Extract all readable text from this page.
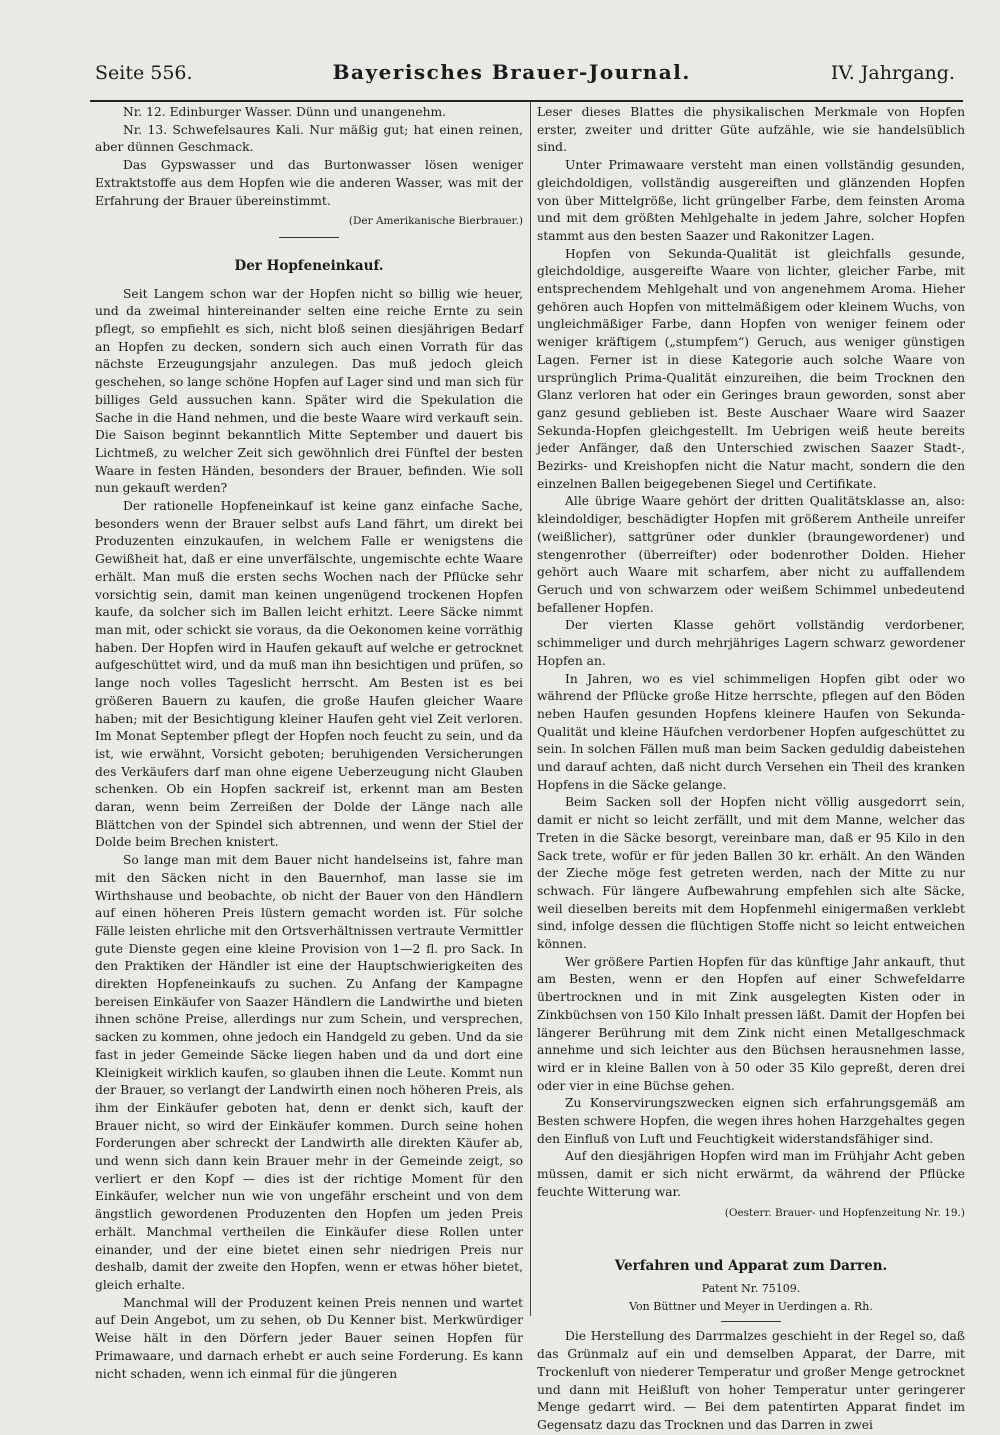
Seite 556.	Bayerisches Brauer-Journal.	IV. Jahrgang.

Nr. 12. Edinburger Wasser. Dünn und unangenehm.

Nr. 13. Schwefelsaures Kali. Nur mäßig gut; hat einen reinen, aber dünnen Geschmack.

Das Gypswasser und das Burtonwasser lösen weniger Extraktstoffe aus dem Hopfen wie die anderen Wasser, was mit der Erfahrung der Brauer übereinstimmt.

(Der Amerikanische Bierbrauer.)

Der Hopfeneinkauf.

Seit Langem schon war der Hopfen nicht so billig wie heuer, und da zweimal hintereinander selten eine reiche Ernte zu sein pflegt, so empfiehlt es sich, nicht bloß seinen diesjährigen Bedarf an Hopfen zu decken, sondern sich auch einen Vorrath für das nächste Erzeugungsjahr anzulegen. Das muß jedoch gleich geschehen, so lange schöne Hopfen auf Lager sind und man sich für billiges Geld aussuchen kann. Später wird die Spekulation die Sache in die Hand nehmen, und die beste Waare wird verkauft sein. Die Saison beginnt bekanntlich Mitte September und dauert bis Lichtmeß, zu welcher Zeit sich gewöhnlich drei Fünftel der besten Waare in festen Händen, besonders der Brauer, befinden. Wie soll nun gekauft werden?

Der rationelle Hopfeneinkauf ist keine ganz einfache Sache, besonders wenn der Brauer selbst aufs Land fährt, um direkt bei Produzenten einzukaufen, in welchem Falle er wenigstens die Gewißheit hat, daß er eine unverfälschte, ungemischte echte Waare erhält. Man muß die ersten sechs Wochen nach der Pflücke sehr vorsichtig sein, damit man keinen ungenügend trockenen Hopfen kaufe, da solcher sich im Ballen leicht erhitzt. Leere Säcke nimmt man mit, oder schickt sie voraus, da die Oekonomen keine vorräthig haben. Der Hopfen wird in Haufen gekauft auf welche er getrocknet aufgeschüttet wird, und da muß man ihn besichtigen und prüfen, so lange noch volles Tageslicht herrscht. Am Besten ist es bei größeren Bauern zu kaufen, die große Haufen gleicher Waare haben; mit der Besichtigung kleiner Haufen geht viel Zeit verloren. Im Monat September pflegt der Hopfen noch feucht zu sein, und da ist, wie erwähnt, Vorsicht geboten; beruhigenden Versicherungen des Verkäufers darf man ohne eigene Ueberzeugung nicht Glauben schenken. Ob ein Hopfen sackreif ist, erkennt man am Besten daran, wenn beim Zerreißen der Dolde der Länge nach alle Blättchen von der Spindel sich abtrennen, und wenn der Stiel der Dolde beim Brechen knistert.

So lange man mit dem Bauer nicht handelseins ist, fahre man mit den Säcken nicht in den Bauernhof, man lasse sie im Wirthshause und beobachte, ob nicht der Bauer von den Händlern auf einen höheren Preis lüstern gemacht worden ist. Für solche Fälle leisten ehrliche mit den Ortsverhältnissen vertraute Vermittler gute Dienste gegen eine kleine Provision von 1—2 fl. pro Sack. In den Praktiken der Händler ist eine der Hauptschwierigkeiten des direkten Hopfeneinkaufs zu suchen. Zu Anfang der Kampagne bereisen Einkäufer von Saazer Händlern die Landwirthe und bieten ihnen schöne Preise, allerdings nur zum Schein, und versprechen, sacken zu kommen, ohne jedoch ein Handgeld zu geben. Und da sie fast in jeder Gemeinde Säcke liegen haben und da und dort eine Kleinigkeit wirklich kaufen, so glauben ihnen die Leute. Kommt nun der Brauer, so verlangt der Landwirth einen noch höheren Preis, als ihm der Einkäufer geboten hat, denn er denkt sich, kauft der Brauer nicht, so wird der Einkäufer kommen. Durch seine hohen Forderungen aber schreckt der Landwirth alle direkten Käufer ab, und wenn sich dann kein Brauer mehr in der Gemeinde zeigt, so verliert er den Kopf — dies ist der richtige Moment für den Einkäufer, welcher nun wie von ungefähr erscheint und von dem ängstlich gewordenen Produzenten den Hopfen um jeden Preis erhält. Manchmal vertheilen die Einkäufer diese Rollen unter einander, und der eine bietet einen sehr niedrigen Preis nur deshalb, damit der zweite den Hopfen, wenn er etwas höher bietet, gleich erhalte.

Manchmal will der Produzent keinen Preis nennen und wartet auf Dein Angebot, um zu sehen, ob Du Kenner bist. Merkwürdiger Weise hält in den Dörfern jeder Bauer seinen Hopfen für Primawaare, und darnach erhebt er auch seine Forderung. Es kann nicht schaden, wenn ich einmal für die jüngeren

Leser dieses Blattes die physikalischen Merkmale von Hopfen erster, zweiter und dritter Güte aufzähle, wie sie handelsüblich sind.

Unter Primawaare versteht man einen vollständig gesunden, gleichdoldigen, vollständig ausgereiften und glänzenden Hopfen von über Mittelgröße, licht grüngelber Farbe, dem feinsten Aroma und mit dem größten Mehlgehalte in jedem Jahre, solcher Hopfen stammt aus den besten Saazer und Rakonitzer Lagen.

Hopfen von Sekunda-Qualität ist gleichfalls gesunde, gleichdoldige, ausgereifte Waare von lichter, gleicher Farbe, mit entsprechendem Mehlgehalt und von angenehmem Aroma. Hieher gehören auch Hopfen von mittelmäßigem oder kleinem Wuchs, von ungleichmäßiger Farbe, dann Hopfen von weniger feinem oder weniger kräftigem („stumpfem“) Geruch, aus weniger günstigen Lagen. Ferner ist in diese Kategorie auch solche Waare von ursprünglich Prima-Qualität einzureihen, die beim Trocknen den Glanz verloren hat oder ein Geringes braun geworden, sonst aber ganz gesund geblieben ist. Beste Auschaer Waare wird Saazer Sekunda-Hopfen gleichgestellt. Im Uebrigen weiß heute bereits jeder Anfänger, daß den Unterschied zwischen Saazer Stadt-, Bezirks- und Kreishopfen nicht die Natur macht, sondern die den einzelnen Ballen beigegebenen Siegel und Certifikate.

Alle übrige Waare gehört der dritten Qualitätsklasse an, also: kleindoldiger, beschädigter Hopfen mit größerem Antheile unreifer (weißlicher), sattgrüner oder dunkler (braungewordener) und stengenrother (überreifter) oder bodenrother Dolden. Hieher gehört auch Waare mit scharfem, aber nicht zu auffallendem Geruch und von schwarzem oder weißem Schimmel unbedeutend befallener Hopfen.

Der vierten Klasse gehört vollständig verdorbener, schimmeliger und durch mehrjähriges Lagern schwarz gewordener Hopfen an.

In Jahren, wo es viel schimmeligen Hopfen gibt oder wo während der Pflücke große Hitze herrschte, pflegen auf den Böden neben Haufen gesunden Hopfens kleinere Haufen von Sekunda-Qualität und kleine Häufchen verdorbener Hopfen aufgeschüttet zu sein. In solchen Fällen muß man beim Sacken geduldig dabeistehen und darauf achten, daß nicht durch Versehen ein Theil des kranken Hopfens in die Säcke gelange.

Beim Sacken soll der Hopfen nicht völlig ausgedorrt sein, damit er nicht so leicht zerfällt, und mit dem Manne, welcher das Treten in die Säcke besorgt, vereinbare man, daß er 95 Kilo in den Sack trete, wofür er für jeden Ballen 30 kr. erhält. An den Wänden der Zieche möge fest getreten werden, nach der Mitte zu nur schwach. Für längere Aufbewahrung empfehlen sich alte Säcke, weil dieselben bereits mit dem Hopfenmehl einigermaßen verklebt sind, infolge dessen die flüchtigen Stoffe nicht so leicht entweichen können.

Wer größere Partien Hopfen für das künftige Jahr ankauft, thut am Besten, wenn er den Hopfen auf einer Schwefeldarre übertrocknen und in mit Zink ausgelegten Kisten oder in Zinkbüchsen von 150 Kilo Inhalt pressen läßt. Damit der Hopfen bei längerer Berührung mit dem Zink nicht einen Metallgeschmack annehme und sich leichter aus den Büchsen herausnehmen lasse, wird er in kleine Ballen von à 50 oder 35 Kilo gepreßt, deren drei oder vier in eine Büchse gehen.

Zu Konservirungszwecken eignen sich erfahrungsgemäß am Besten schwere Hopfen, die wegen ihres hohen Harzgehaltes gegen den Einfluß von Luft und Feuchtigkeit widerstandsfähiger sind.

Auf den diesjährigen Hopfen wird man im Frühjahr Acht geben müssen, damit er sich nicht erwärmt, da während der Pflücke feuchte Witterung war.

(Oesterr. Brauer- und Hopfenzeitung Nr. 19.)

Verfahren und Apparat zum Darren.

Patent Nr. 75109.

Von Büttner und Meyer in Uerdingen a. Rh.

Die Herstellung des Darrmalzes geschieht in der Regel so, daß das Grünmalz auf ein und demselben Apparat, der Darre, mit Trockenluft von niederer Temperatur und großer Menge getrocknet und dann mit Heißluft von hoher Temperatur unter geringerer Menge gedarrt wird. — Bei dem patentirten Apparat findet im Gegensatz dazu das Trocknen und das Darren in zwei
